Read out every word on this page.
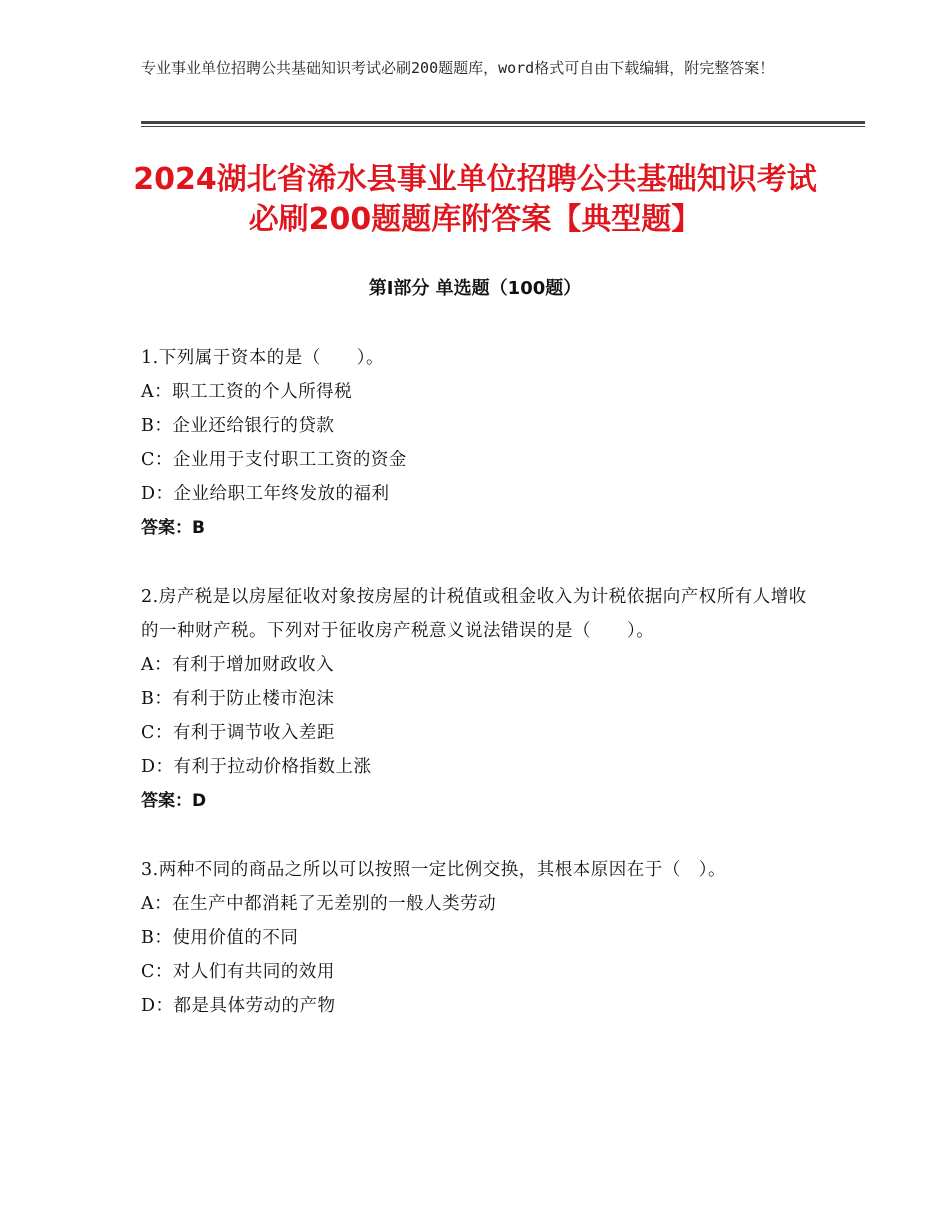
专业事业单位招聘公共基础知识考试必刷200题题库，word格式可自由下载编辑，附完整答案！
2024湖北省浠水县事业单位招聘公共基础知识考试必刷200题题库附答案【典型题】
第Ⅰ部分 单选题（100题）
1.下列属于资本的是（　　）。
A：职工工资的个人所得税
B：企业还给银行的贷款
C：企业用于支付职工工资的资金
D：企业给职工年终发放的福利
答案：B
2.房产税是以房屋征收对象按房屋的计税值或租金收入为计税依据向产权所有人增收的一种财产税。下列对于征收房产税意义说法错误的是（　　）。
A：有利于增加财政收入
B：有利于防止楼市泡沫
C：有利于调节收入差距
D：有利于拉动价格指数上涨
答案：D
3.两种不同的商品之所以可以按照一定比例交换，其根本原因在于（　）。
A：在生产中都消耗了无差别的一般人类劳动
B：使用价值的不同
C：对人们有共同的效用
D：都是具体劳动的产物
